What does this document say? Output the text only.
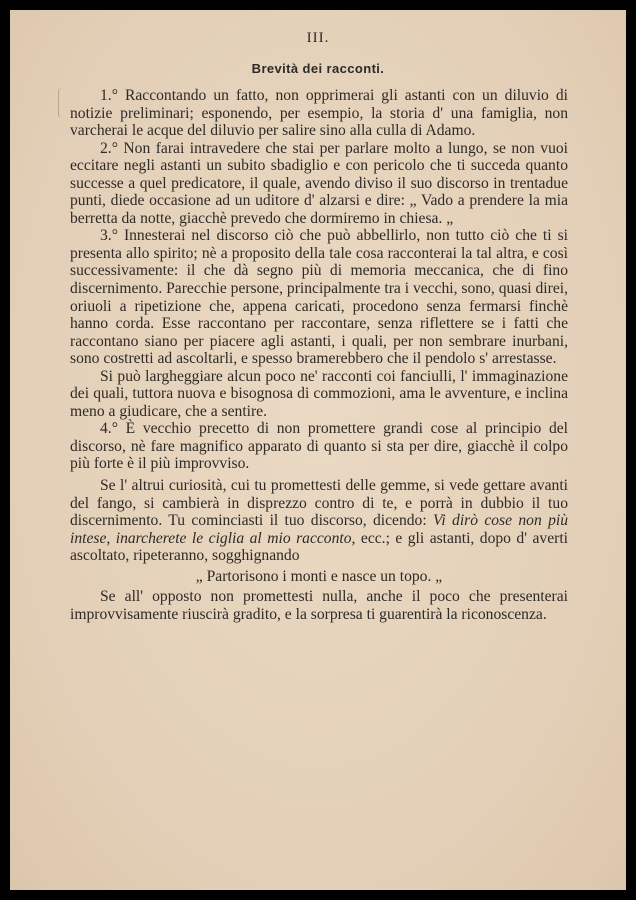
III.
Brevità dei racconti.

1.° Raccontando un fatto, non opprimerai gli astanti con un diluvio di notizie preliminari; esponendo, per esempio, la storia d' una famiglia, non varcherai le acque del diluvio per salire sino alla culla di Adamo.

2.° Non farai intravedere che stai per parlare molto a lungo, se non vuoi eccitare negli astanti un subito sbadiglio e con pericolo che ti succeda quanto successe a quel predicatore, il quale, avendo diviso il suo discorso in trentadue punti, diede occasione ad un uditore d' alzarsi e dire: „ Vado a prendere la mia berretta da notte, giacchè prevedo che dormiremo in chiesa. „

3.° Innesterai nel discorso ciò che può abbellirlo, non tutto ciò che ti si presenta allo spirito; nè a proposito della tale cosa racconterai la tal altra, e così successivamente: il che dà segno più di memoria meccanica, che di fino discernimento. Parecchie persone, principalmente tra i vecchi, sono, quasi direi, oriuoli a ripetizione che, appena caricati, procedono senza fermarsi finchè hanno corda. Esse raccontano per raccontare, senza riflettere se i fatti che raccontano siano per piacere agli astanti, i quali, per non sembrare inurbani, sono costretti ad ascoltarli, e spesso bramerebbero che il pendolo s' arrestasse.

Si può largheggiare alcun poco ne' racconti coi fanciulli, l' immaginazione dei quali, tuttora nuova e bisognosa di commozioni, ama le avventure, e inclina meno a giudicare, che a sentire.

4.° È vecchio precetto di non promettere grandi cose al principio del discorso, nè fare magnifico apparato di quanto si sta per dire, giacchè il colpo più forte è il più improvviso.

Se l' altrui curiosità, cui tu promettesti delle gemme, si vede gettare avanti del fango, si cambierà in disprezzo contro di te, e porrà in dubbio il tuo discernimento. Tu cominciasti il tuo discorso, dicendo: Vi dirò cose non più intese, inarcherete le ciglia al mio racconto, ecc.; e gli astanti, dopo d' averti ascoltato, ripeteranno, sogghignando

„ Partorisono i monti e nasce un topo. „

Se all' opposto non promettesti nulla, anche il poco che presenterai improvvisamente riuscirà gradito, e la sorpresa ti guarentirà la riconoscenza.
